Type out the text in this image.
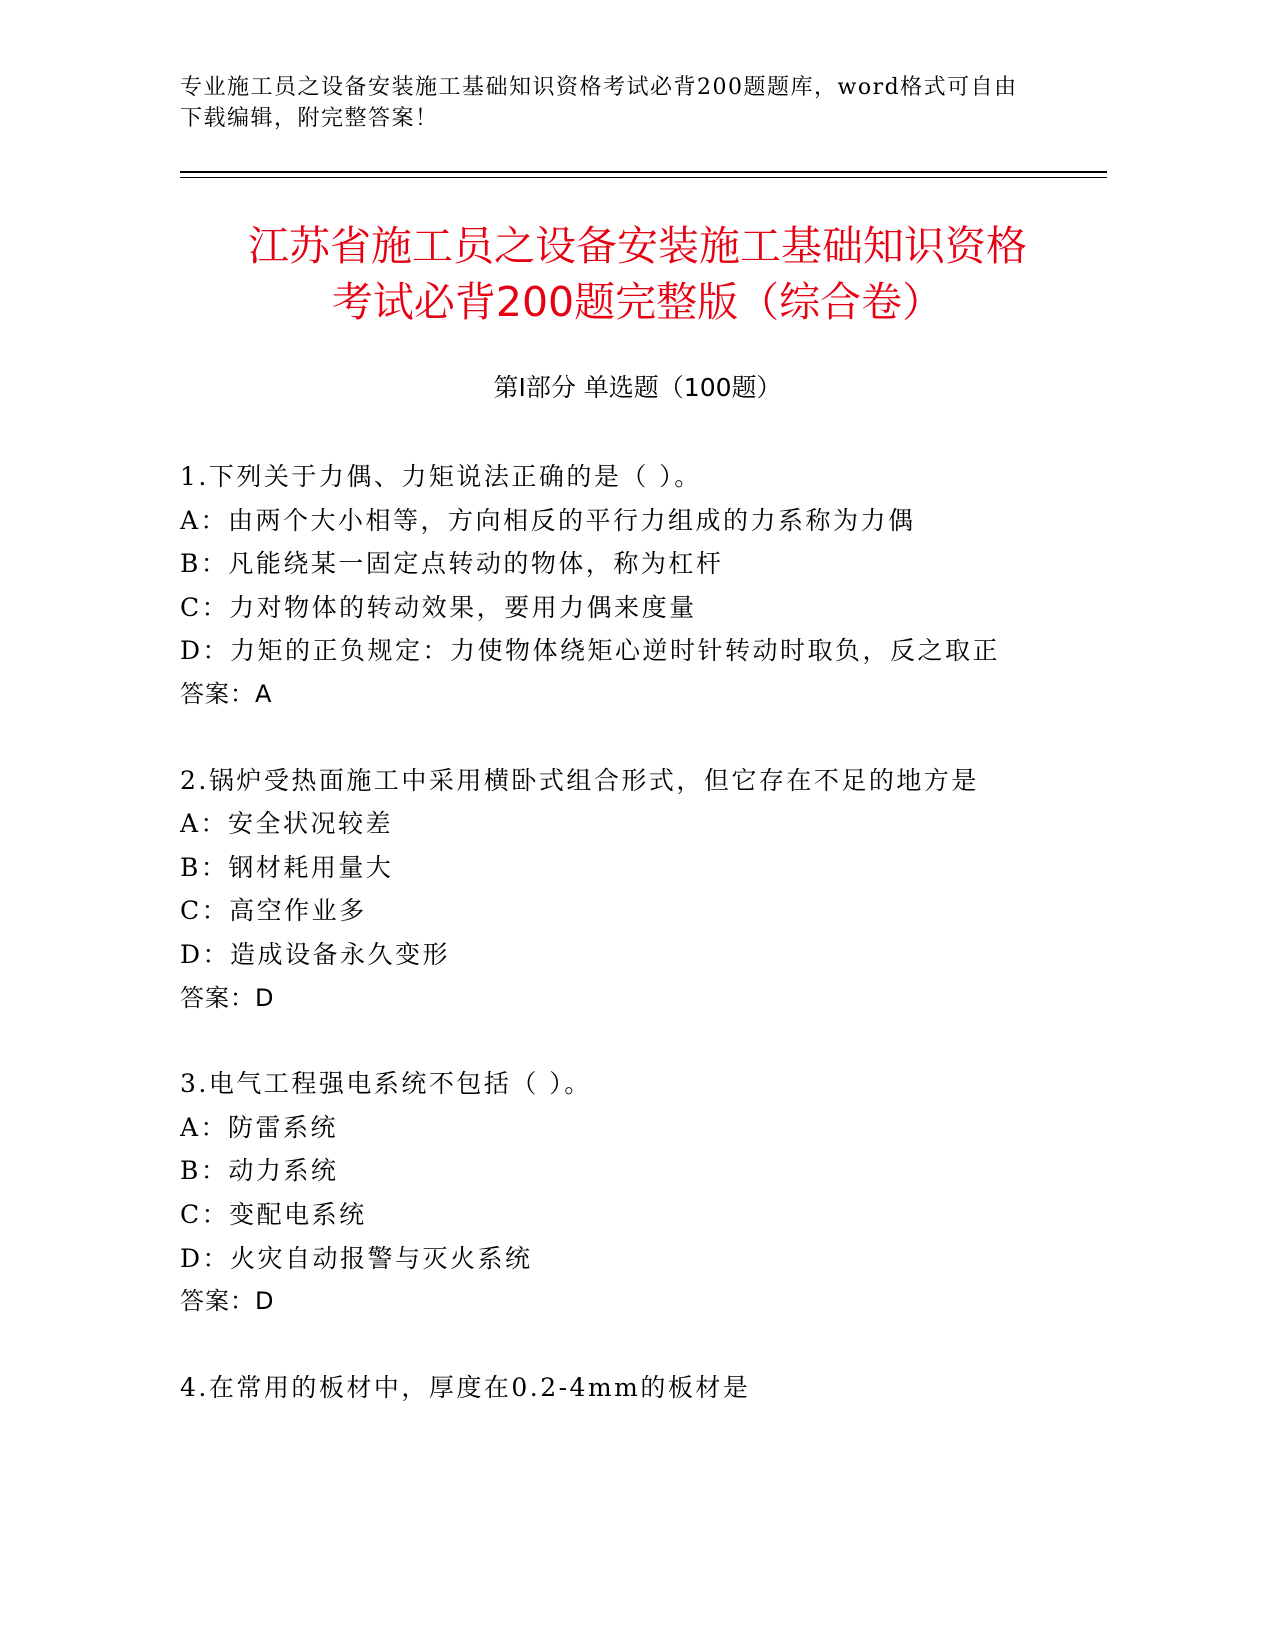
专业施工员之设备安装施工基础知识资格考试必背200题题库，word格式可自由
下载编辑，附完整答案！
江苏省施工员之设备安装施工基础知识资格
考试必背200题完整版（综合卷）
第Ⅰ部分 单选题（100题）
1.下列关于力偶、力矩说法正确的是（ ）。
A：由两个大小相等，方向相反的平行力组成的力系称为力偶
B：凡能绕某一固定点转动的物体，称为杠杆
C：力对物体的转动效果，要用力偶来度量
D：力矩的正负规定：力使物体绕矩心逆时针转动时取负，反之取正
答案：A
2.锅炉受热面施工中采用横卧式组合形式，但它存在不足的地方是
A：安全状况较差
B：钢材耗用量大
C：高空作业多
D：造成设备永久变形
答案：D
3.电气工程强电系统不包括（ ）。
A：防雷系统
B：动力系统
C：变配电系统
D：火灾自动报警与灭火系统
答案：D
4.在常用的板材中，厚度在0.2-4mm的板材是
